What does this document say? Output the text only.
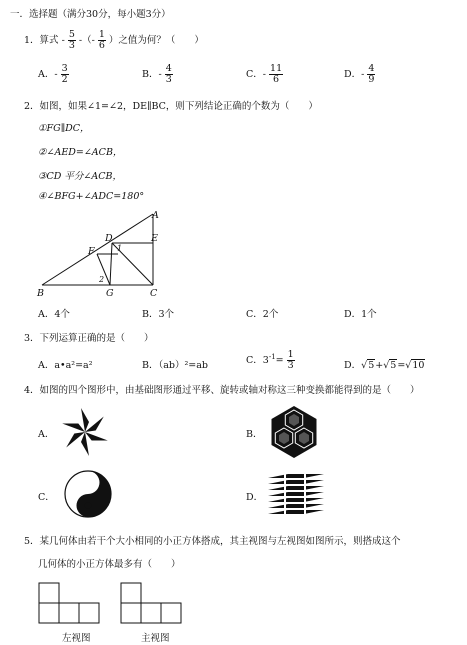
一．选择题（满分30分，每小题3分）
1．算式 - $\frac{5}{3}$ -（- $\frac{1}{6}$ ）之值为何？（　　）
A．- $\frac{3}{2}$	B．- $\frac{4}{3}$	C．- $\frac{11}{6}$	D．- $\frac{4}{9}$
2．如图，如果∠1=∠2，DE∥BC，则下列结论正确的个数为（　　）
①FG∥DC，
②∠AED=∠ACB，
③CD 平分∠ACB，
④∠BFG+∠ADC=180°
A
B	C
D	E
F
G
1
2
A．4个	B．3个	C．2个	D．1个
3．下列运算正确的是（　　）
A．a•a²=a²	B．（ab）²=ab	C．$3^{-1}= \frac{1}{3}$	D．√5+√5=√10
4．如图的四个图形中，由基础图形通过平移、旋转或轴对称这三种变换都能得到的是（　　）
A．	B．
C．	D．
5．某几何体由若干个大小相同的小正方体搭成，其主视图与左视图如图所示，则搭成这个
几何体的小正方体最多有（　　）
左视图	主视图
